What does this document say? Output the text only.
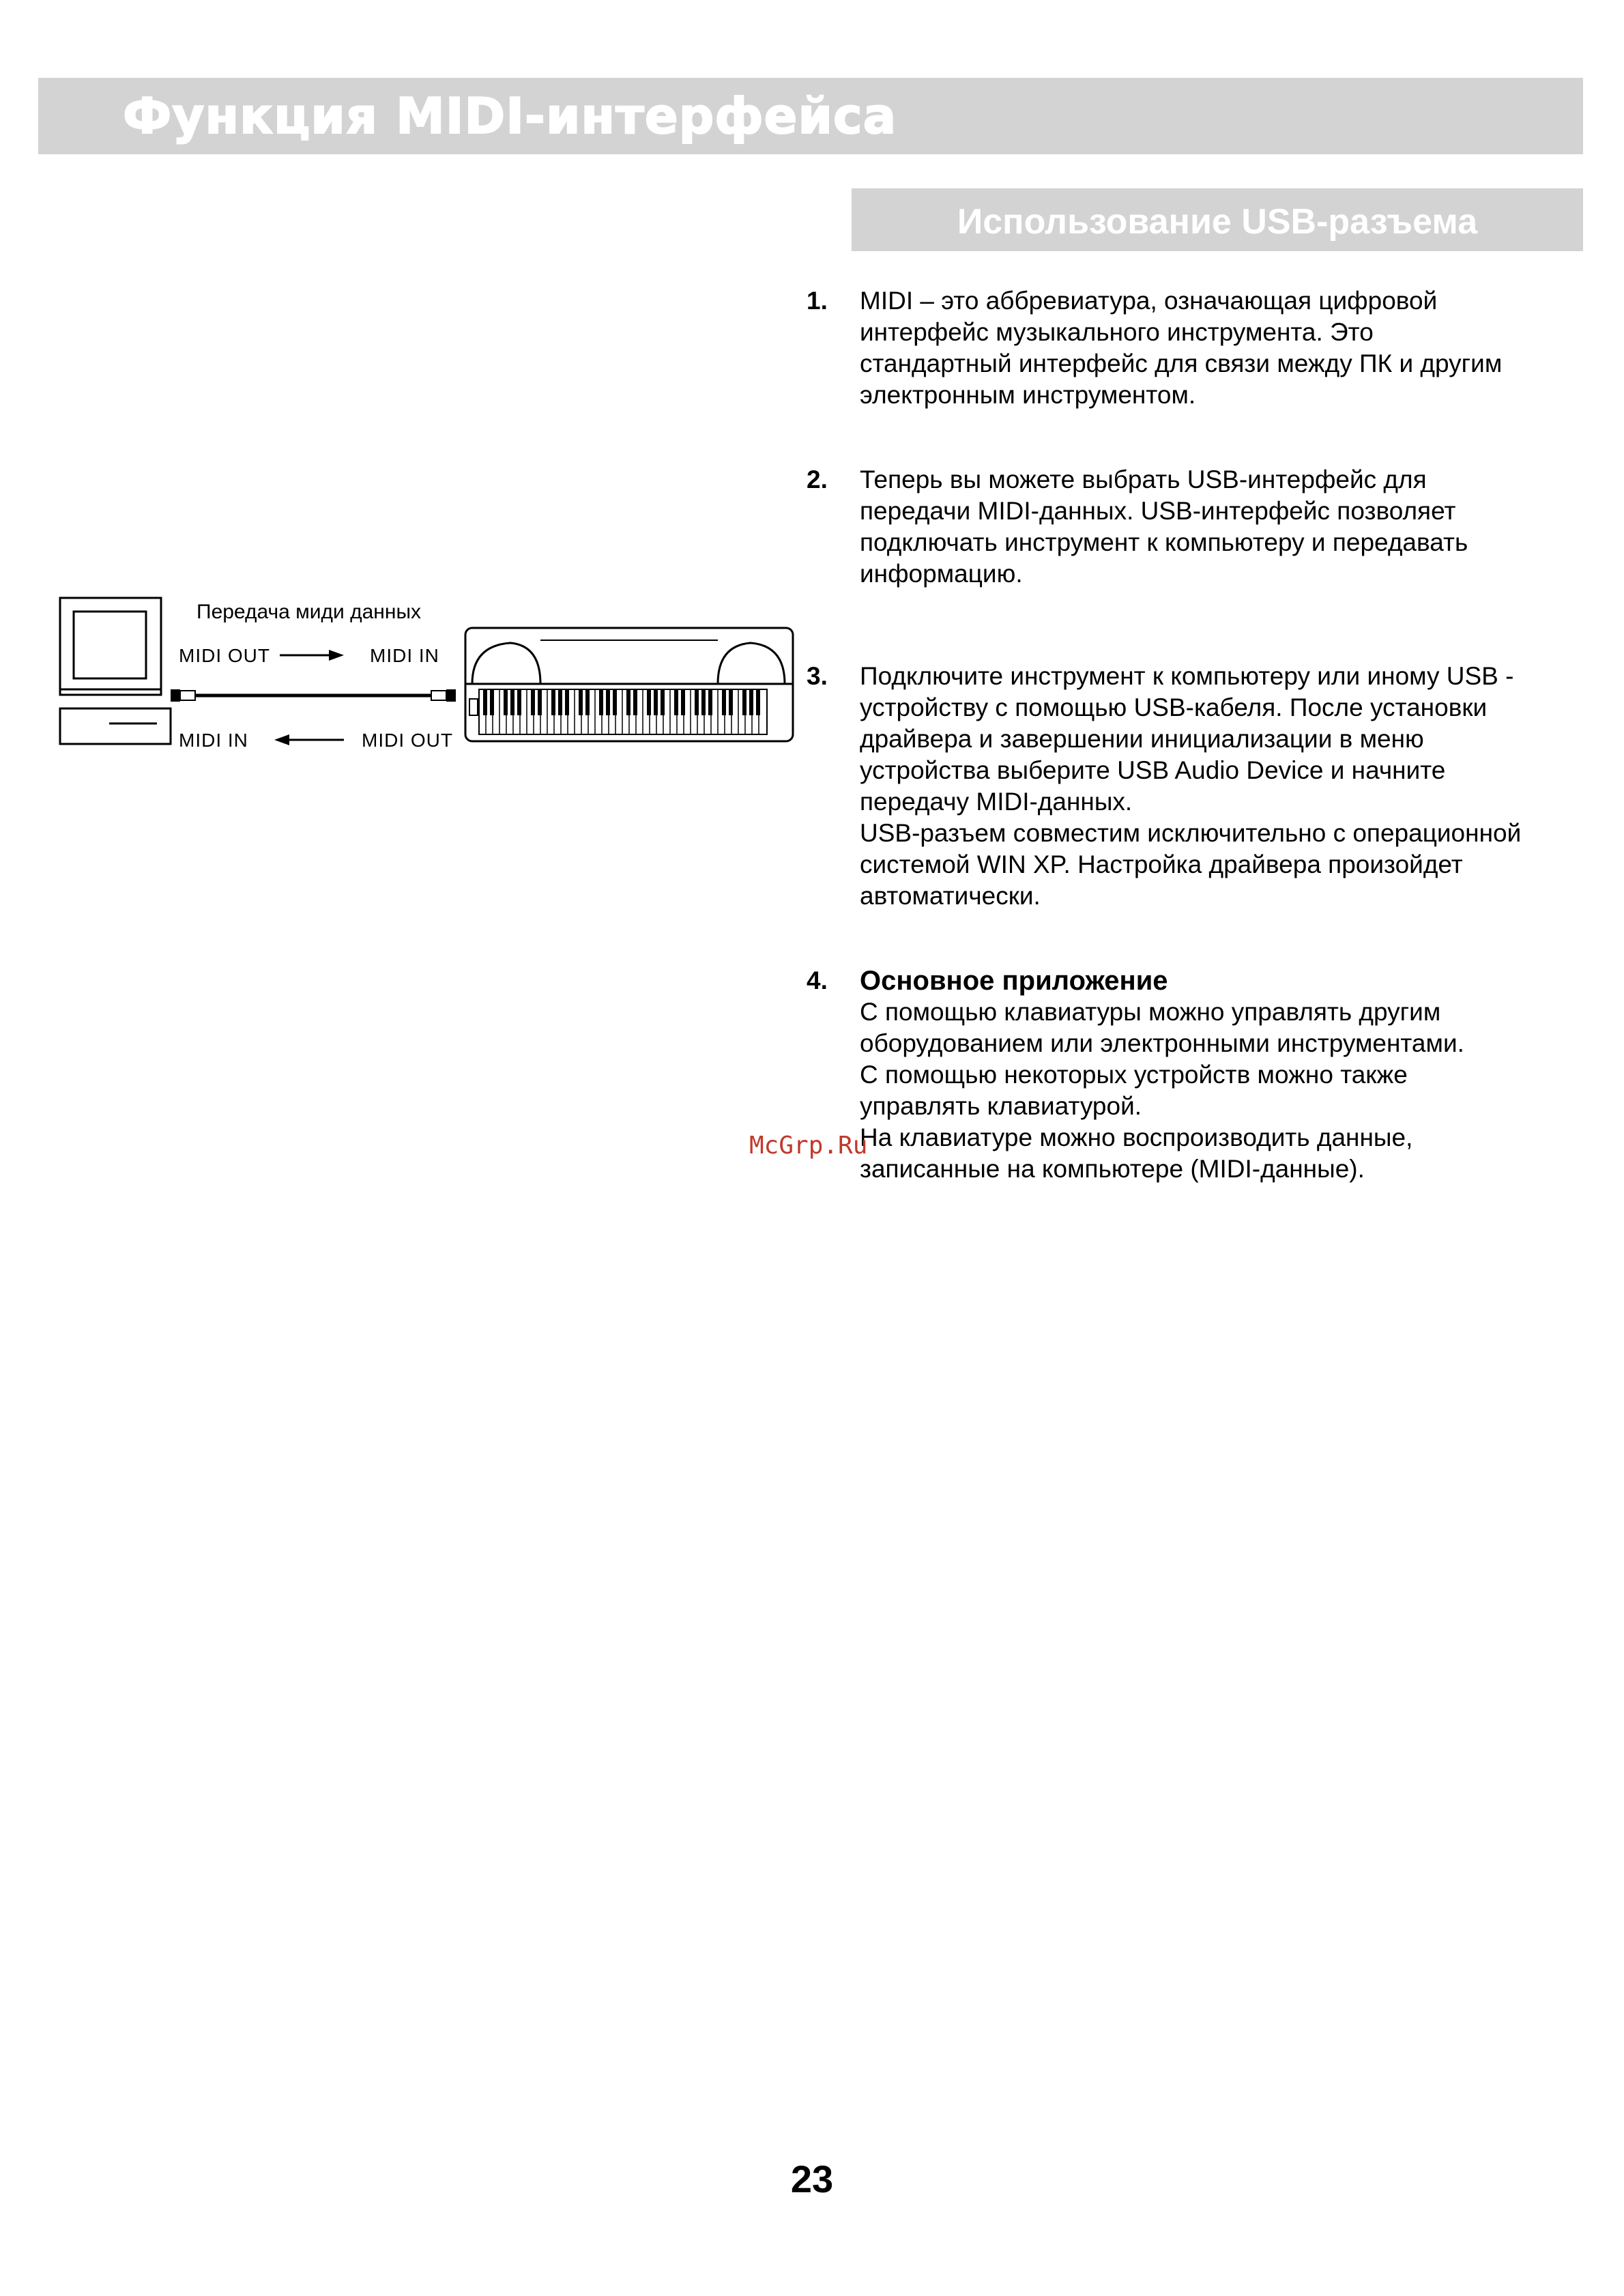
Функция MIDI-интерфейса
Использование USB-разъема
Передача миди данных
MIDI OUT	MIDI IN
MIDI IN	MIDI OUT
1.	MIDI – это аббревиатура, означающая цифровой
интерфейс музыкального инструмента. Это
стандартный интерфейс для связи между ПК и другим
электронным инструментом.
2.	Теперь вы можете выбрать USB-интерфейс для
передачи MIDI-данных. USB-интерфейс позволяет
подключать инструмент к компьютеру и передавать
информацию.
3.	Подключите инструмент к компьютеру или иному USB -
устройству с помощью USB-кабеля. После установки
драйвера и завершении инициализации в меню
устройства выберите USB Audio Device и начните
передачу MIDI-данных.
USB-разъем совместим исключительно с операционной
системой WIN XP. Настройка драйвера произойдет
автоматически.
4.	Основное приложение
С помощью клавиатуры можно управлять другим
оборудованием или электронными инструментами.
С помощью некоторых устройств можно также
управлять клавиатурой.
На клавиатуре можно воспроизводить данные,
записанные на компьютере (MIDI-данные).
McGrp.Ru
23
